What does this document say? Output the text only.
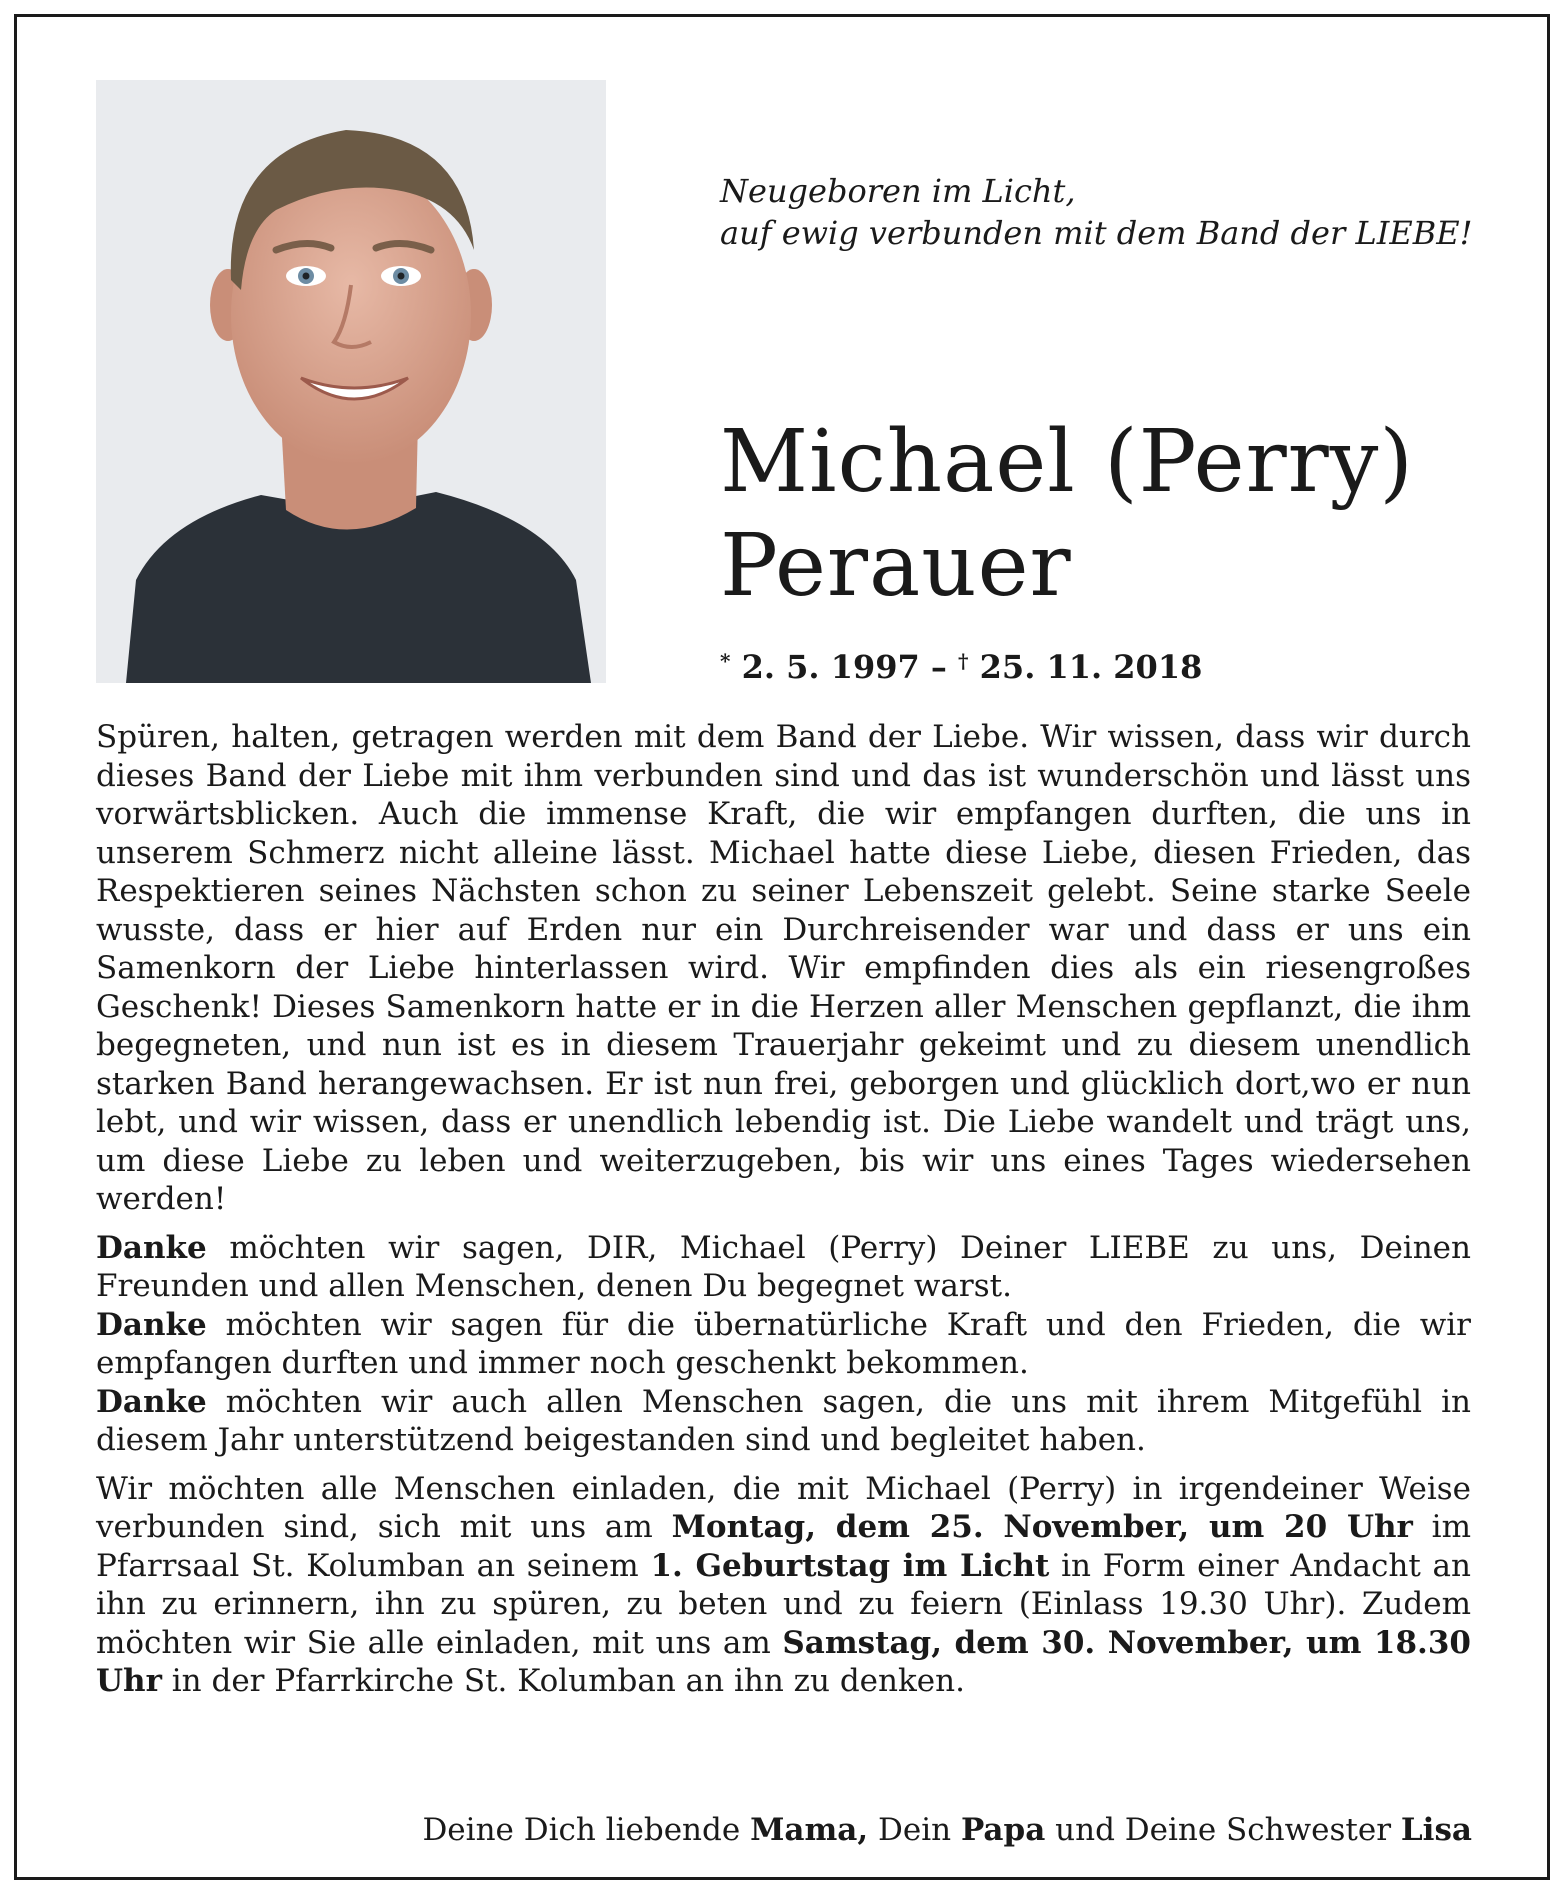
Neugeboren im Licht,
auf ewig verbunden mit dem Band der LIEBE!
Michael (Perry)
Perauer
* 2. 5. 1997 – † 25. 11. 2018

Spüren, halten, getragen werden mit dem Band der Liebe. Wir wissen, dass wir durch dieses Band der Liebe mit ihm verbunden sind und das ist wunderschön und lässt uns vorwärtsblicken. Auch die immense Kraft, die wir empfangen durften, die uns in unserem Schmerz nicht alleine lässt. Michael hatte diese Liebe, diesen Frieden, das Respektieren seines Nächsten schon zu seiner Lebenszeit gelebt. Seine starke Seele wusste, dass er hier auf Erden nur ein Durchreisender war und dass er uns ein Samenkorn der Liebe hinterlassen wird. Wir empfinden dies als ein riesengroßes Geschenk! Dieses Samenkorn hatte er in die Herzen aller Menschen gepflanzt, die ihm begegneten, und nun ist es in diesem Trauerjahr gekeimt und zu diesem unendlich starken Band herangewachsen. Er ist nun frei, geborgen und glücklich dort,wo er nun lebt, und wir wissen, dass er unendlich lebendig ist. Die Liebe wandelt und trägt uns, um diese Liebe zu leben und weiterzugeben, bis wir uns eines Tages wiedersehen werden!

Danke möchten wir sagen, DIR, Michael (Perry) Deiner LIEBE zu uns, Deinen Freunden und allen Menschen, denen Du begegnet warst.

Danke möchten wir sagen für die übernatürliche Kraft und den Frieden, die wir empfangen durften und immer noch geschenkt bekommen.

Danke möchten wir auch allen Menschen sagen, die uns mit ihrem Mitgefühl in diesem Jahr unterstützend beigestanden sind und begleitet haben.

Wir möchten alle Menschen einladen, die mit Michael (Perry) in irgendeiner Weise verbunden sind, sich mit uns am Montag, dem 25. November, um 20 Uhr im Pfarrsaal St. Kolumban an seinem 1. Geburtstag im Licht in Form einer Andacht an ihn zu erinnern, ihn zu spüren, zu beten und zu feiern (Einlass 19.30 Uhr). Zudem möchten wir Sie alle einladen, mit uns am Samstag, dem 30. November, um 18.30 Uhr in der Pfarrkirche St. Kolumban an ihn zu denken.

Deine Dich liebende Mama, Dein Papa und Deine Schwester Lisa
